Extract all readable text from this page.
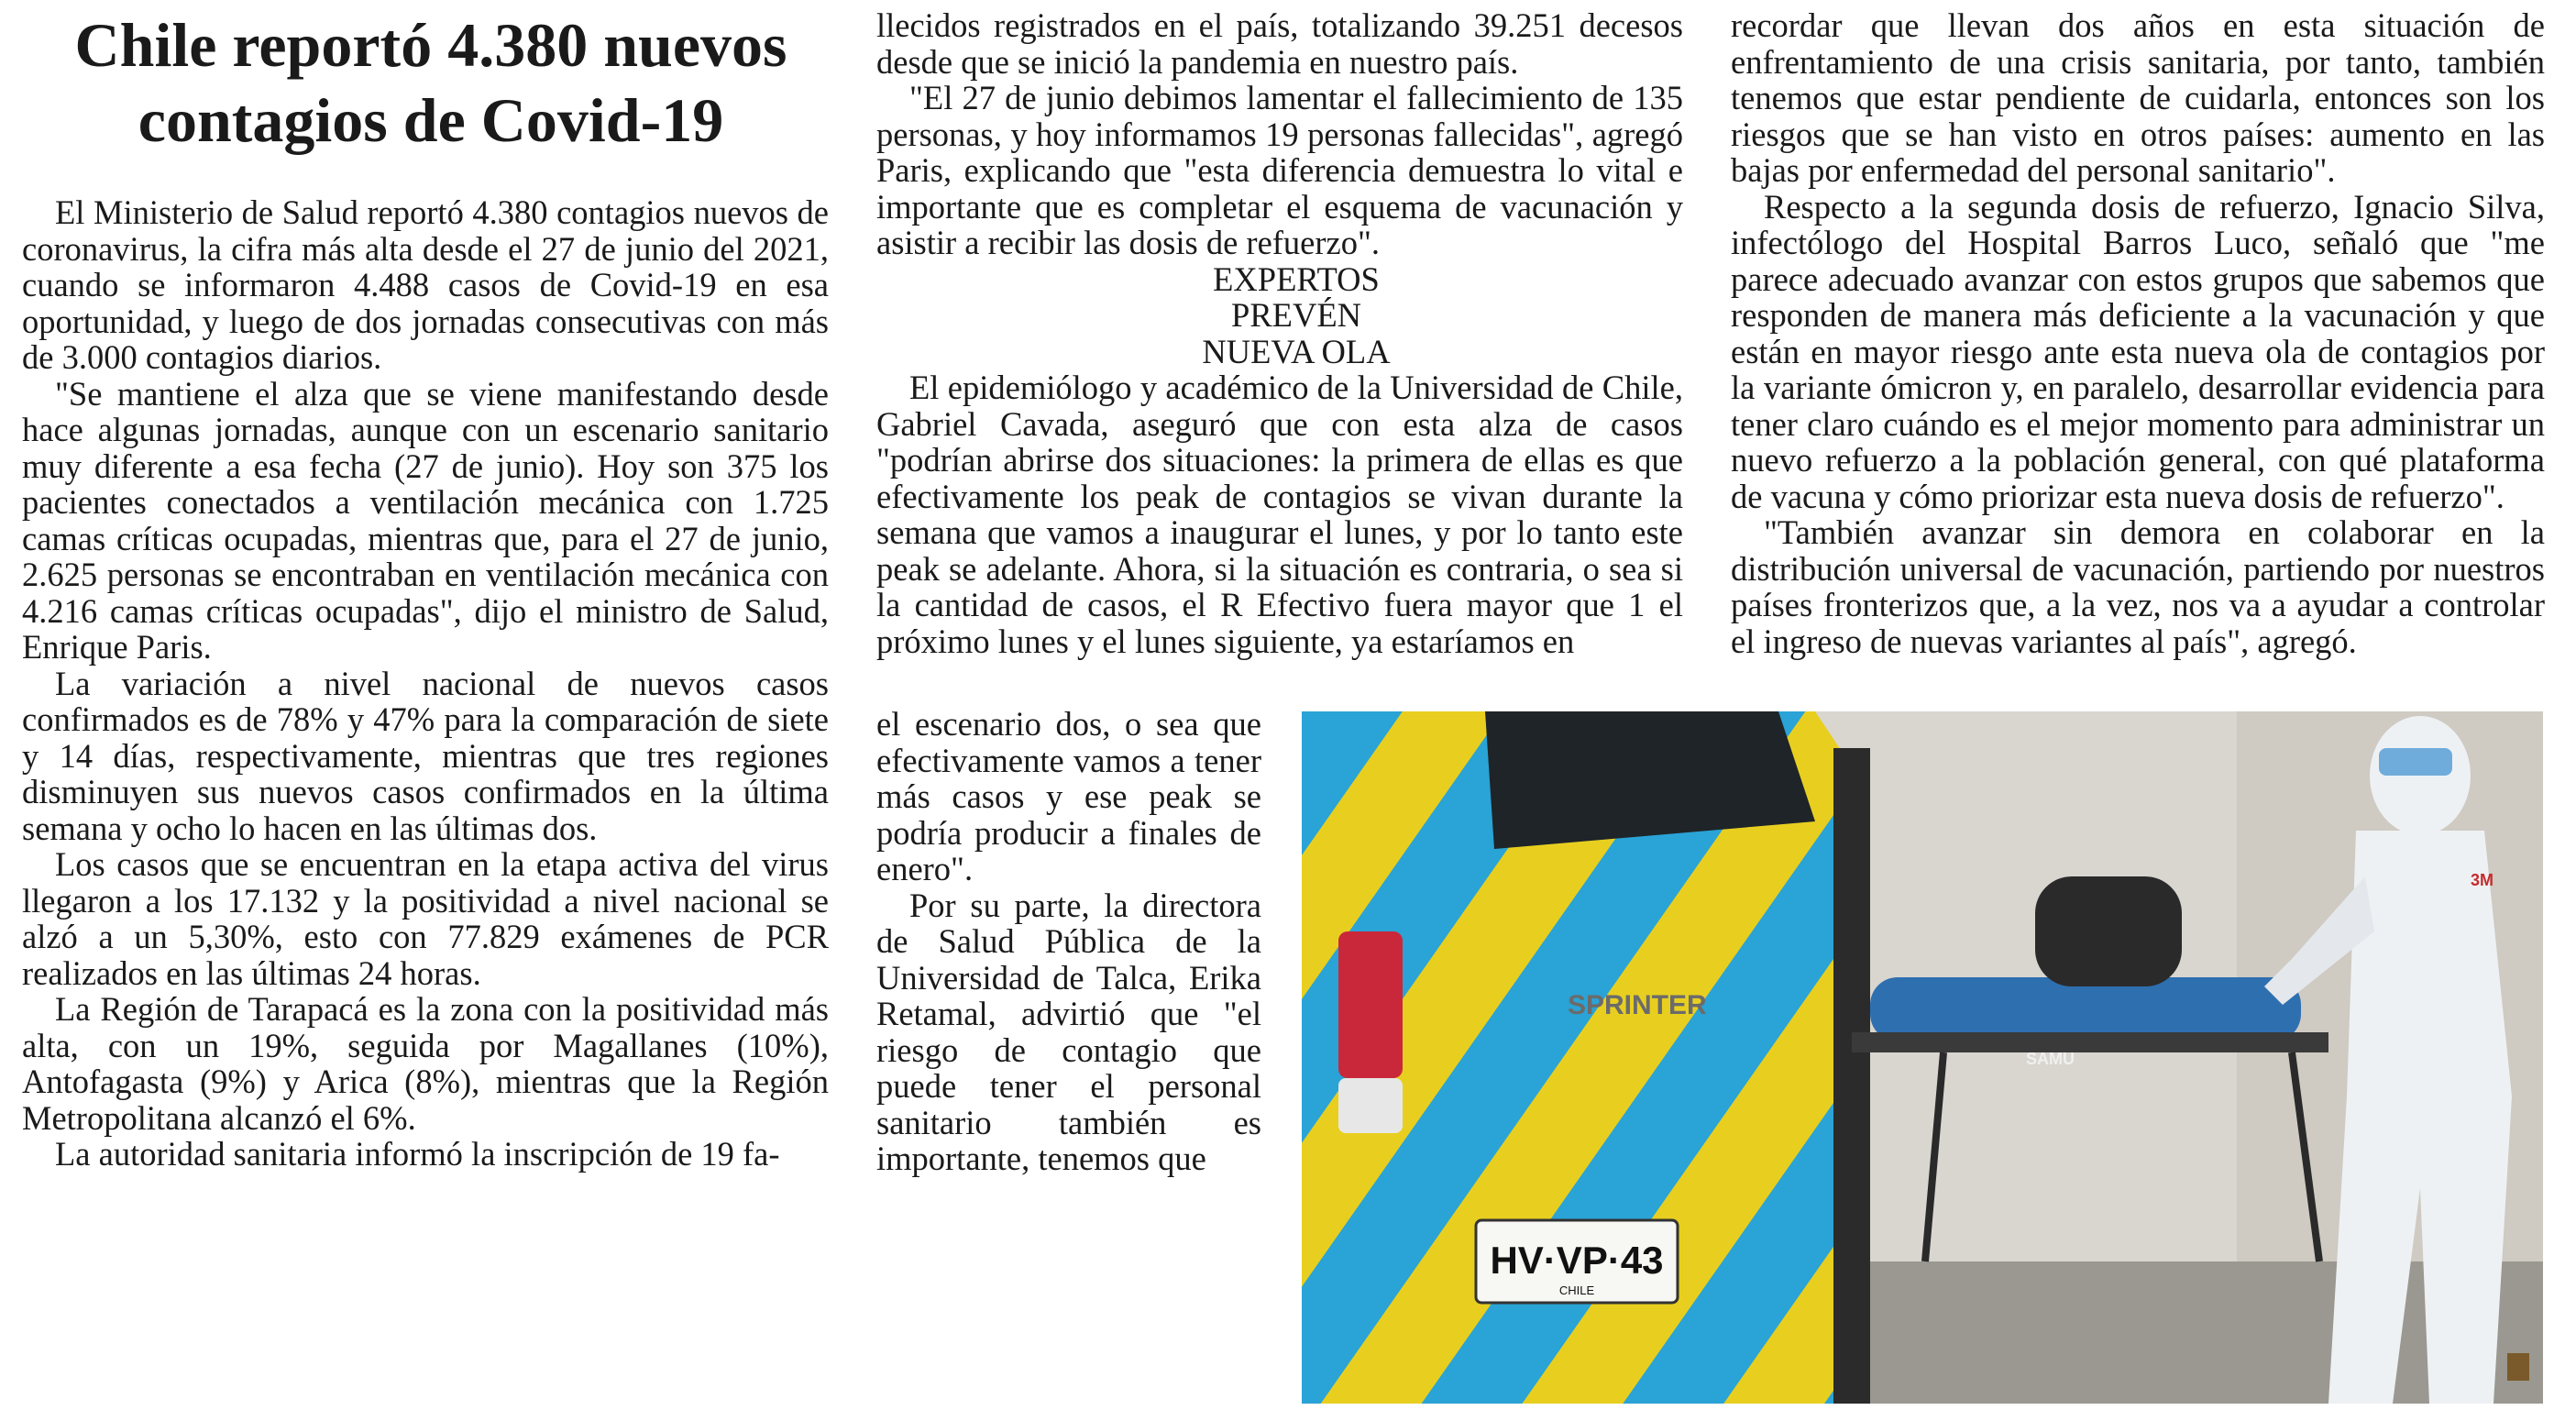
Chile reportó 4.380 nuevos contagios de Covid-19

El Ministerio de Salud reportó 4.380 contagios nuevos de coronavirus, la cifra más alta desde el 27 de junio del 2021, cuando se informaron 4.488 casos de Covid-19 en esa oportunidad, y luego de dos jornadas consecutivas con más de 3.000 contagios diarios.

"Se mantiene el alza que se viene manifestando desde hace algunas jornadas, aunque con un escenario sanitario muy diferente a esa fecha (27 de junio). Hoy son 375 los pacientes conectados a ventilación mecánica con 1.725 camas críticas ocupadas, mientras que, para el 27 de junio, 2.625 personas se encontraban en ventilación mecánica con 4.216 camas críticas ocupadas", dijo el ministro de Salud, Enrique Paris.

La variación a nivel nacional de nuevos casos confirmados es de 78% y 47% para la comparación de siete y 14 días, respectivamente, mientras que tres regiones disminuyen sus nuevos casos confirmados en la última semana y ocho lo hacen en las últimas dos.

Los casos que se encuentran en la etapa activa del virus llegaron a los 17.132 y la positividad a nivel nacional se alzó a un 5,30%, esto con 77.829 exámenes de PCR realizados en las últimas 24 horas.

La Región de Tarapacá es la zona con la positividad más alta, con un 19%, seguida por Magallanes (10%), Antofagasta (9%) y Arica (8%), mientras que la Región Metropolitana alcanzó el 6%.

La autoridad sanitaria informó la inscripción de 19 fa-

llecidos registrados en el país, totalizando 39.251 decesos desde que se inició la pandemia en nuestro país.

"El 27 de junio debimos lamentar el fallecimiento de 135 personas, y hoy informamos 19 personas fallecidas", agregó Paris, explicando que "esta diferencia demuestra lo vital e importante que es completar el esquema de vacunación y asistir a recibir las dosis de refuerzo".

EXPERTOS

PREVÉN

NUEVA OLA

El epidemiólogo y académico de la Universidad de Chile, Gabriel Cavada, aseguró que con esta alza de casos "podrían abrirse dos situaciones: la primera de ellas es que efectivamente los peak de contagios se vivan durante la semana que vamos a inaugurar el lunes, y por lo tanto este peak se adelante. Ahora, si la situación es contraria, o sea si la cantidad de casos, el R Efectivo fuera mayor que 1 el próximo lunes y el lunes siguiente, ya estaríamos en

el escenario dos, o sea que efectivamente vamos a tener más casos y ese peak se podría producir a finales de enero".

Por su parte, la directora de Salud Pública de la Universidad de Talca, Erika Retamal, advirtió que "el riesgo de contagio que puede tener el personal sanitario también es importante, tenemos que

recordar que llevan dos años en esta situación de enfrentamiento de una crisis sanitaria, por tanto, también tenemos que estar pendiente de cuidarla, entonces son los riesgos que se han visto en otros países: aumento en las bajas por enfermedad del personal sanitario".

Respecto a la segunda dosis de refuerzo, Ignacio Silva, infectólogo del Hospital Barros Luco, señaló que "me parece adecuado avanzar con estos grupos que sabemos que responden de manera más deficiente a la vacunación y que están en mayor riesgo ante esta nueva ola de contagios por la variante ómicron y, en paralelo, desarrollar evidencia para tener claro cuándo es el mejor momento para administrar un nuevo refuerzo a la población general, con qué plataforma de vacuna y cómo priorizar esta nueva dosis de refuerzo".

"También avanzar sin demora en colaborar en la distribución universal de vacunación, partiendo por nuestros países fronterizos que, a la vez, nos va a ayudar a controlar el ingreso de nuevas variantes al país", agregó.

SPRINTER
HV·VP·43
CHILE
SAMU
3M
